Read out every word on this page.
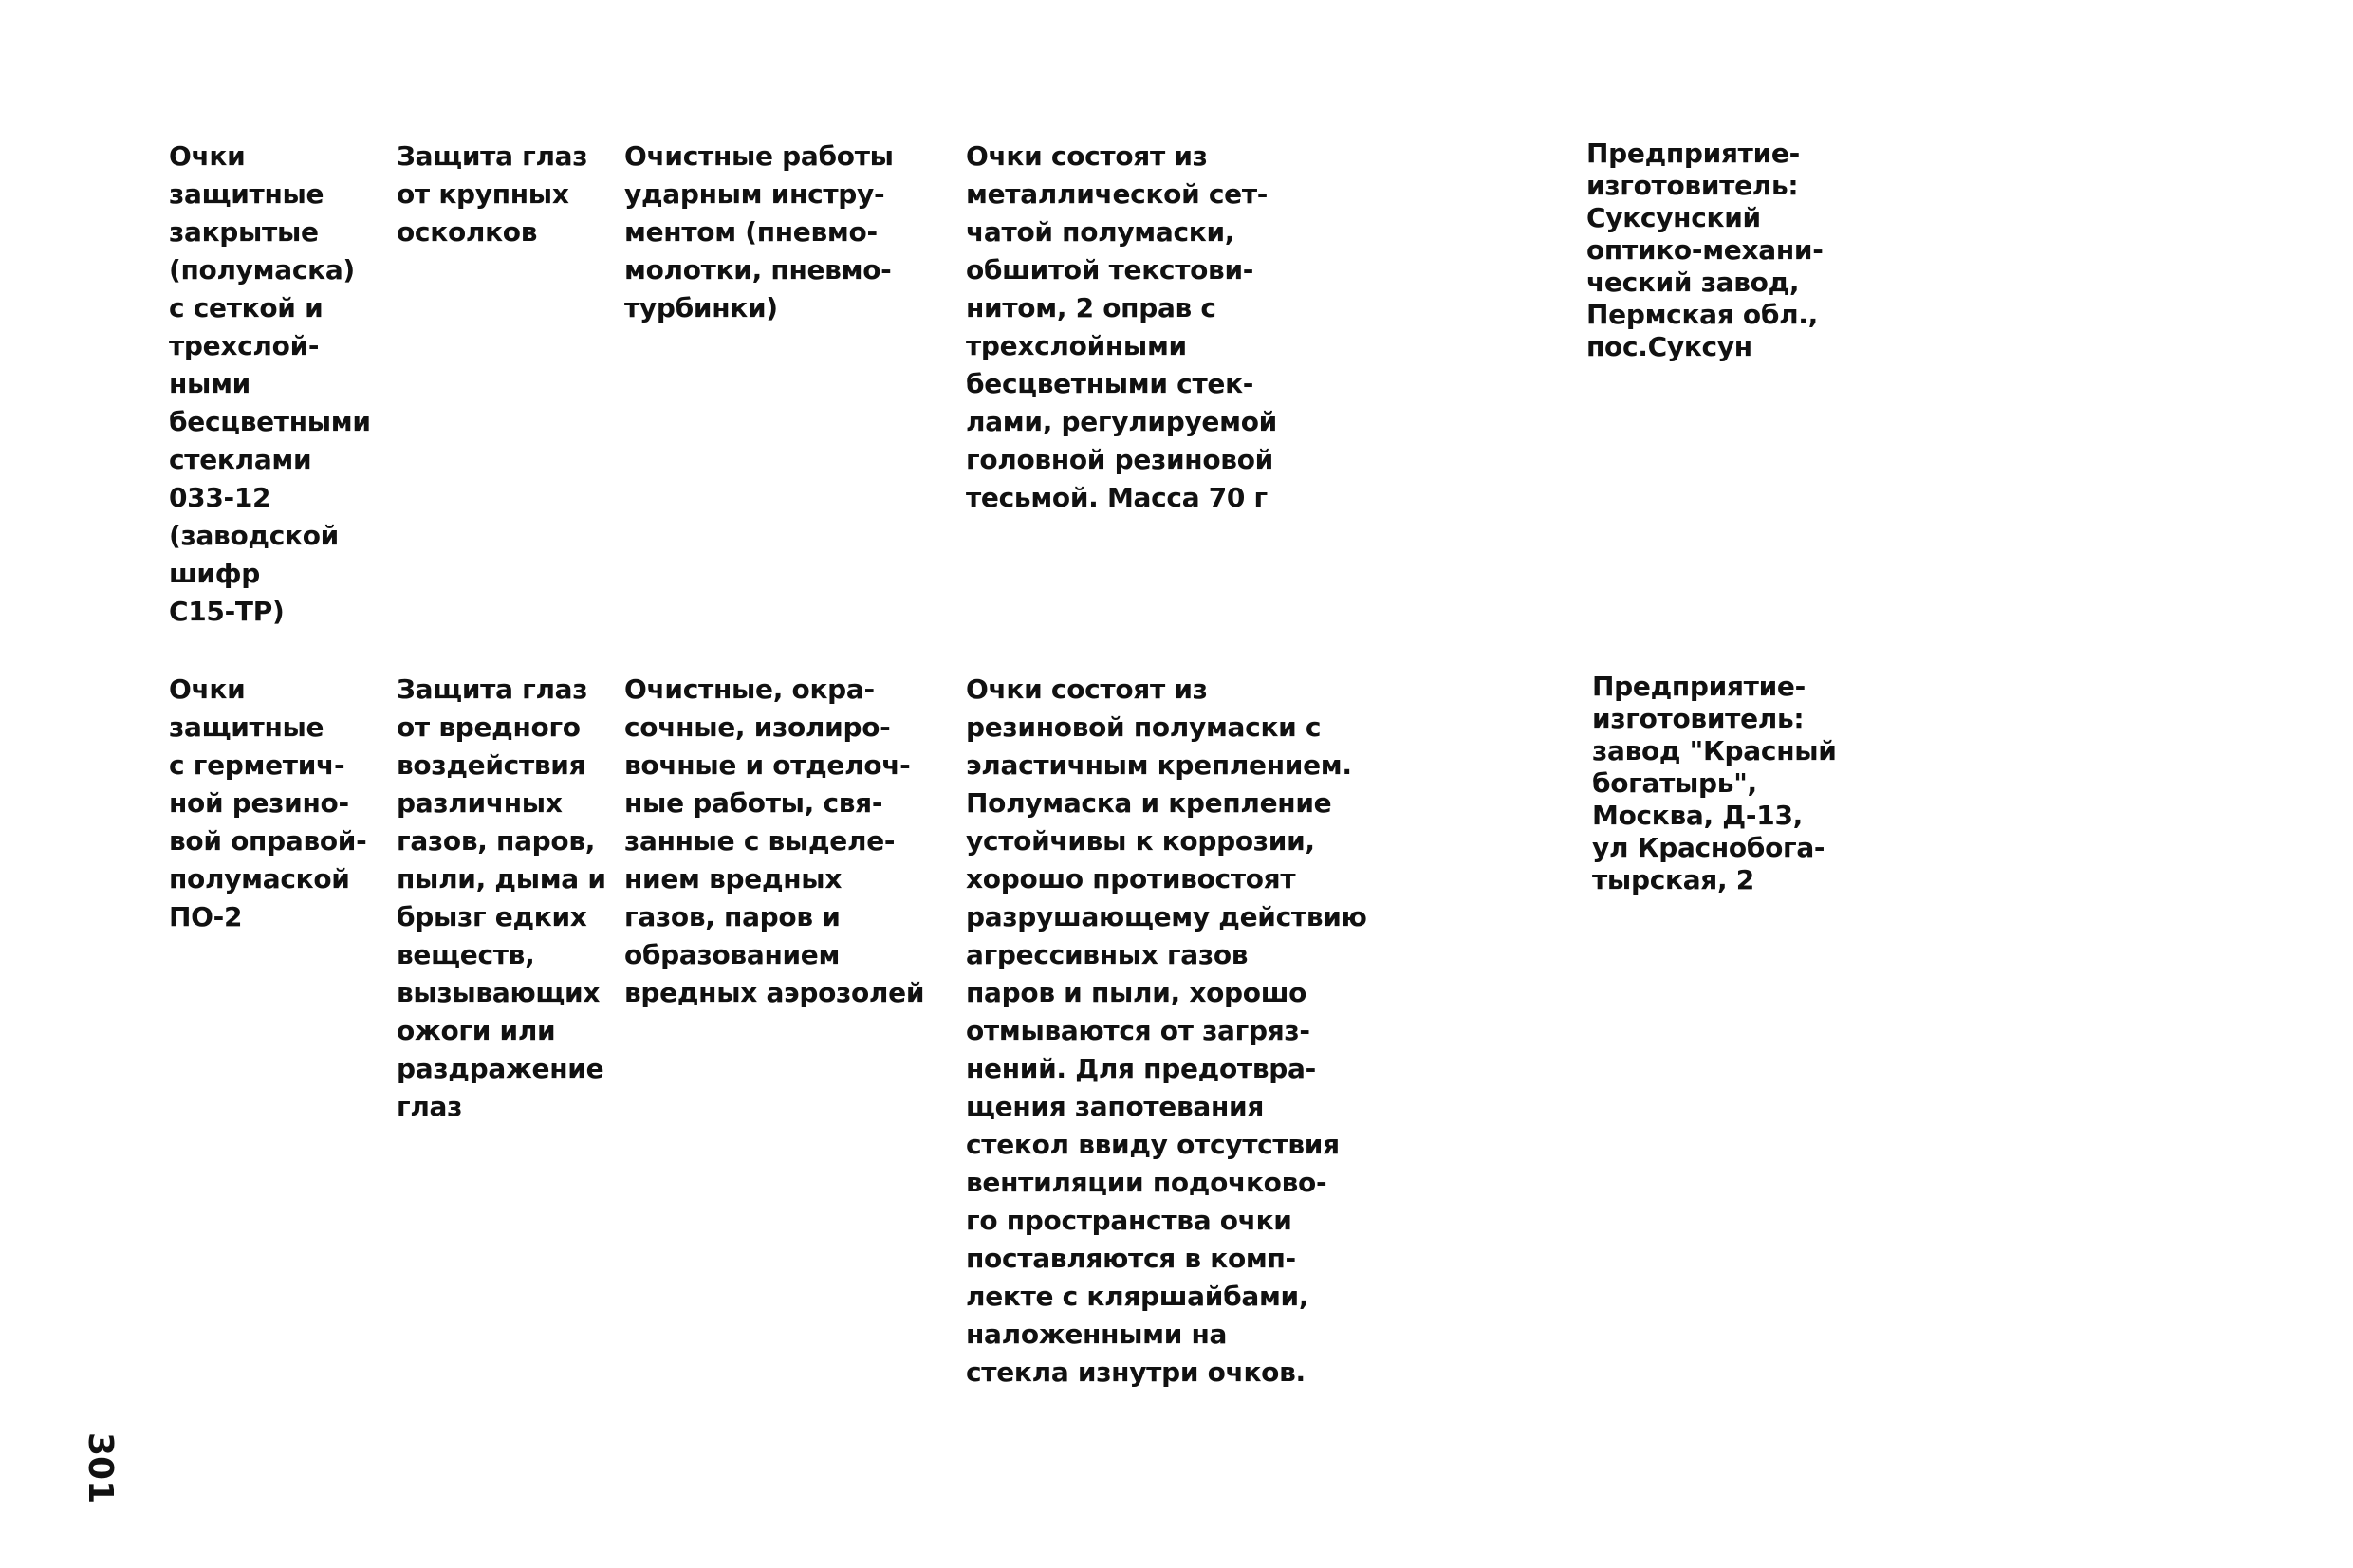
Очки
защитные
закрытые
(полумаска)
с сеткой и
трехслой-
ными
бесцветными
стеклами
033-12
(заводской
шифр
С15-ТР)
Защита глаз
от крупных
осколков
Очистные работы
ударным инстру-
ментом (пневмо-
молотки, пневмо-
турбинки)
Очки состоят из
металлической сет-
чатой полумаски,
обшитой текстови-
нитом, 2 оправ с
трехслойными
бесцветными стек-
лами, регулируемой
головной резиновой
тесьмой. Масса 70 г
Предприятие-
изготовитель:
Суксунский
оптико-механи-
ческий завод,
Пермская обл.,
пос.Суксун
Очки
защитные
с герметич-
ной резино-
вой оправой-
полумаской
ПО-2
Защита глаз
от вредного
воздействия
различных
газов, паров,
пыли, дыма и
брызг едких
веществ,
вызывающих
ожоги или
раздражение
глаз
Очистные, окра-
сочные, изолиро-
вочные и отделоч-
ные работы, свя-
занные с выделе-
нием вредных
газов, паров и
образованием
вредных аэрозолей
Очки состоят из
резиновой полумаски с
эластичным креплением.
Полумаска и крепление
устойчивы к коррозии,
хорошо противостоят
разрушающему действию
агрессивных газов
паров и пыли, хорошо
отмываются от загряз-
нений. Для предотвра-
щения запотевания
стекол ввиду отсутствия
вентиляции подочково-
го пространства очки
поставляются в комп-
лекте с кляршайбами,
наложенными на
стекла изнутри очков.
Предприятие-
изготовитель:
завод "Красный
богатырь",
Москва, Д-13,
ул Краснобога-
тырская, 2
301
